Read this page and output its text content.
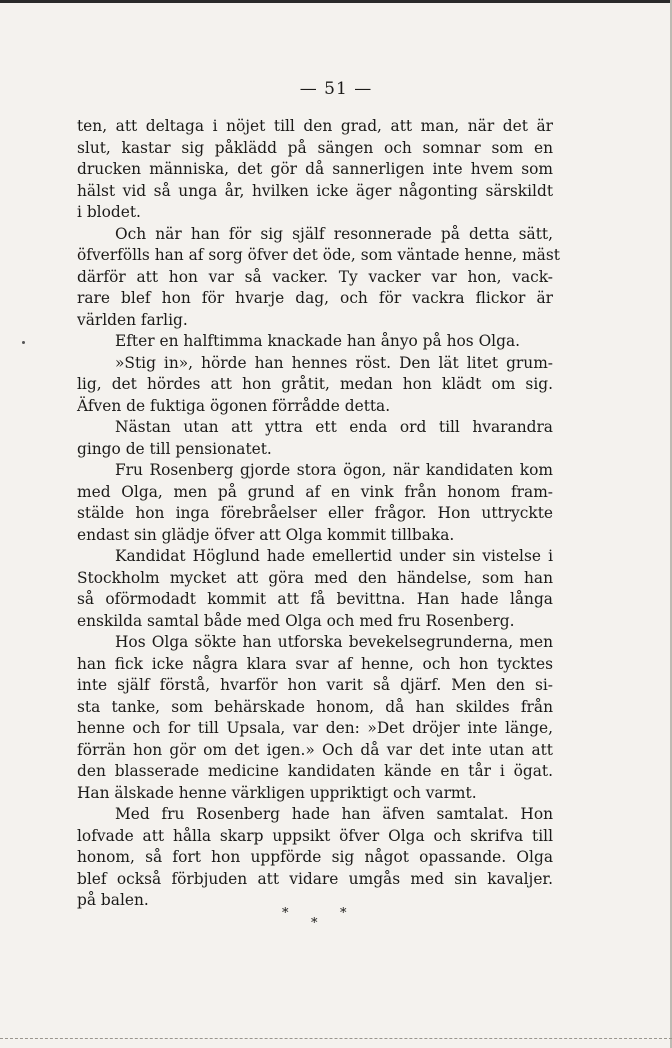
— 51 —
ten, att deltaga i nöjet till den grad, att man, när det är
slut, kastar sig påklädd på sängen och somnar som en
drucken människa, det gör då sannerligen inte hvem som
hälst vid så unga år, hvilken icke äger någonting särskildt
i blodet.
Och när han för sig själf resonnerade på detta sätt,
öfverfölls han af sorg öfver det öde, som väntade henne, mäst
därför att hon var så vacker. Ty vacker var hon, vack-
rare blef hon för hvarje dag, och för vackra flickor är
världen farlig.
Efter en halftimma knackade han ånyo på hos Olga.
»Stig in», hörde han hennes röst. Den lät litet grum-
lig, det hördes att hon gråtit, medan hon klädt om sig.
Äfven de fuktiga ögonen förrådde detta.
Nästan utan att yttra ett enda ord till hvarandra
gingo de till pensionatet.
Fru Rosenberg gjorde stora ögon, när kandidaten kom
med Olga, men på grund af en vink från honom fram-
stälde hon inga förebråelser eller frågor. Hon uttryckte
endast sin glädje öfver att Olga kommit tillbaka.
Kandidat Höglund hade emellertid under sin vistelse i
Stockholm mycket att göra med den händelse, som han
så oförmodadt kommit att få bevittna. Han hade långa
enskilda samtal både med Olga och med fru Rosenberg.
Hos Olga sökte han utforska bevekelsegrunderna, men
han fick icke några klara svar af henne, och hon tycktes
inte själf förstå, hvarför hon varit så djärf. Men den si-
sta tanke, som behärskade honom, då han skildes från
henne och for till Upsala, var den: »Det dröjer inte länge,
förrän hon gör om det igen.» Och då var det inte utan att
den blasserade medicine kandidaten kände en tår i ögat.
Han älskade henne värkligen uppriktigt och varmt.
Med fru Rosenberg hade han äfven samtalat. Hon
lofvade att hålla skarp uppsikt öfver Olga och skrifva till
honom, så fort hon uppförde sig något opassande. Olga
blef också förbjuden att vidare umgås med sin kavaljer.
på balen.
*	*
*
